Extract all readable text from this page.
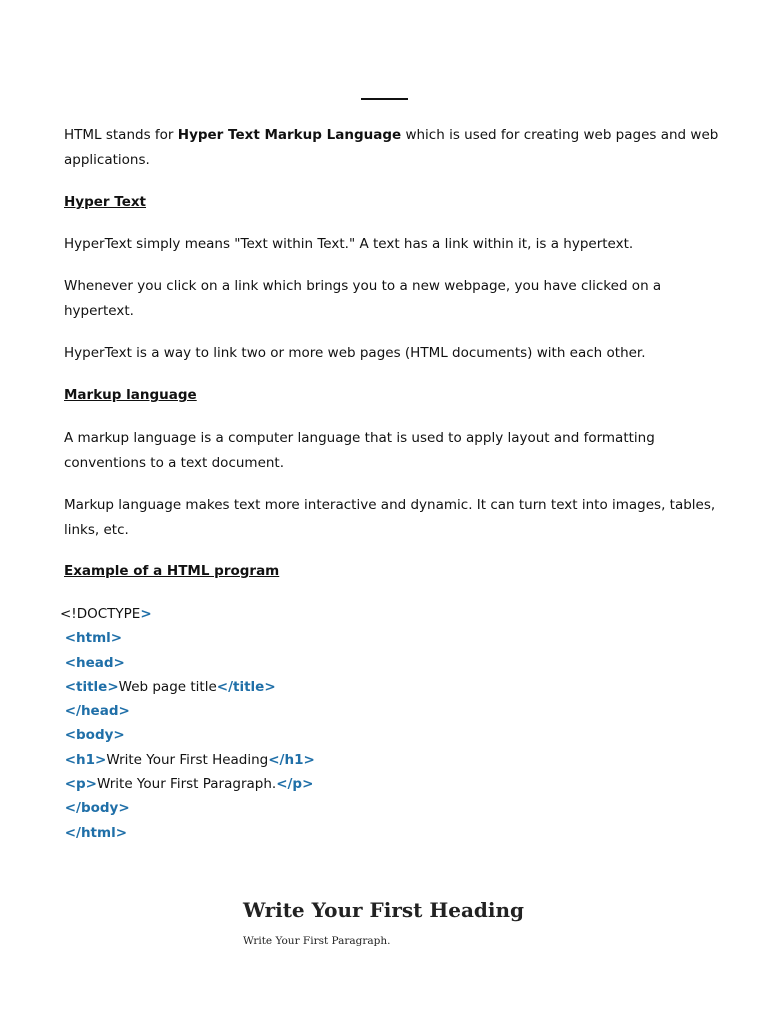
HTML stands for Hyper Text Markup Language which is used for creating web pages and web applications.

Hyper Text

HyperText simply means "Text within Text." A text has a link within it, is a hypertext.

Whenever you click on a link which brings you to a new webpage, you have clicked on a hypertext.

HyperText is a way to link two or more web pages (HTML documents) with each other.

Markup language

A markup language is a computer language that is used to apply layout and formatting conventions to a text document.

Markup language makes text more interactive and dynamic. It can turn text into images, tables, links, etc.

Example of a HTML program

<!DOCTYPE>
<html>
<head>
<title>Web page title</title>
</head>
<body>
<h1>Write Your First Heading</h1>
<p>Write Your First Paragraph.</p>
</body>
</html>
Write Your First Heading
Write Your First Paragraph.
